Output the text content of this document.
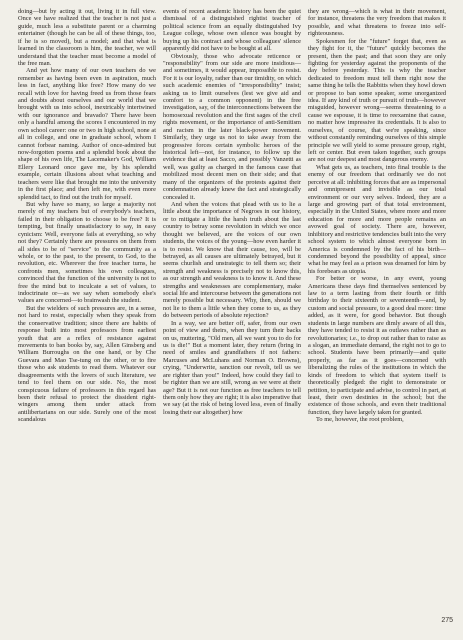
doing—but by acting it out, living it in full view. Once we have realized that the teacher is not just a guide, much less a substitute parent or a charming entertainer (though he can be all of these things, too, if he is so moved), but a model; and that what is learned in the classroom is him, the teacher, we will understand that the teacher must become a model of the free man.

And yet how many of our own teachers do we remember as having been even in aspiration, much less in fact, anything like free? How many do we recall with love for having freed us from those fears and doubts about ourselves and our world that we brought with us into school, inextricably intertwined with our ignorance and bravado? There have been only a handful among the scores I encountered in my own school career: one or two in high school, none at all in college, and one in graduate school, whom I cannot forbear naming. Author of once-admired but now-forgotten poems and a splendid book about the shape of his own life, The Lacemaker's God, William Ellery Leonard once gave me, by his splendid example, certain illusions about what teaching and teachers were like that brought me into the university in the first place; and then left me, with even more splendid tact, to find out the truth for myself.

But why have so many, so large a majority not merely of my teachers but of everybody's teachers, failed in their obligation to choose to be free? It is tempting, but finally unsatisfactory to say, in easy cynicism: Well, everyone fails at everything, so why not they? Certainly there are pressures on them from all sides to be of "service" to the community as a whole, or to the past, to the present, to God, to the revolution, etc. Wherever the free teacher turns, he confronts men, sometimes his own colleagues, convinced that the function of the university is not to free the mind but to inculcate a set of values, to indoctrinate or—as we say when somebody else's values are concerned—to brainwash the student.

But the wielders of such pressures are, in a sense, not hard to resist, especially when they speak from the conservative tradition; since there are habits of response built into most professors from earliest youth that are a reflex of resistance against movements to ban books by, say, Allen Ginsberg and William Burroughs on the one hand, or by Che Guevara and Mao Tse-tung on the other, or to fire those who ask students to read them. Whatever our disagreements with the lovers of such literature, we tend to feel them on our side. No, the most conspicuous failure of professors in this regard has been their refusal to protect the dissident right-wingers among them under attack from antilibertarians on our side. Surely one of the most scandalous

events of recent academic history has been the quiet dismissal of a distinguished rightist teacher of political science from an equally distinguished Ivy League college, whose own silence was bought by buying up his contract and whose colleagues' silence apparently did not have to be bought at all.

Obviously, those who advocate reticence or "responsibility" from our side are more insidious—and sometimes, it would appear, impossible to resist. For it is our loyalty, rather than our timidity, on which such academic enemies of "irresponsibility" insist; asking us to limit ourselves (lest we give aid and comfort to a common opponent) in the free investigation, say, of the interconnections between the homosexual revolution and the first sages of the civil rights movement, or the importance of anti-Semitism and racism in the later black-power movement. Similarly, they urge us not to take away from the progressive forces certain symbolic heroes of the historical left—not, for instance, to follow up the evidence that at least Sacco, and possibly Vanzetti as well, was guilty as charged in the famous case that mobilized most decent men on their side; and that many of the organizers of the protests against their condemnation already knew the fact and strategically concealed it.

And when the voices that plead with us to lie a little about the importance of Negroes in our history, or to mitigate a little the harsh truth about the last country to betray some revolution in which we once thought we believed, are the voices of our own students, the voices of the young—how even harder it is to resist. We know that their cause, too, will be betrayed, as all causes are ultimately betrayed, but it seems churlish and unstrategic to tell them so; their strength and weakness is precisely not to know this, as our strength and weakness is to know it. And these strengths and weaknesses are complementary, make social life and intercourse between the generations not merely possible but necessary. Why, then, should we not lie to them a little when they come to us, as they do between periods of absolute rejection?

In a way, we are better off, safer, from our own point of view and theirs, when they turn their backs on us, muttering, "Old men, all we want you to do for us is die!" But a moment later, they return (bring in need of smiles and grandfathers if not fathers: Marcuses and McLuhans and Norman O. Browns), crying, "Underwrite, sanction our revolt, tell us we are righter than you!" Indeed, how could they fail to be righter than we are still, wrong as we were at their age? But it is not our function as free teachers to tell them only how they are right; it is also imperative that we say (at the risk of being loved less, even of finally losing their ear altogether) how

they are wrong—which is what in their movement, for instance, threatens the very freedom that makes it possible, and what threatens to freeze into self-righteousness.

Spokesmen for the "future" forget that, even as they fight for it, the "future" quickly becomes the present, then the past; and that soon they are only fighting for yesterday against the proponents of the day before yesterday. This is why the teacher dedicated to freedom must tell them right now the same thing he tells the Rabbitts when they howl down or propose to ban some speaker, some unorganized idea. If any kind of truth or pursuit of truth—however misguided, however wrong—seems threatening to a cause we espouse, it is time to reexamine that cause, no matter how impressive its credentials. It is also to ourselves, of course, that we're speaking, since without constantly reminding ourselves of this simple principle we will yield to some pressure group, right, left or center. But even taken together, such groups are not our deepest and most dangerous enemy.

What gets us, as teachers, into final trouble is the enemy of our freedom that ordinarily we do not perceive at all: inhibiting forces that are as impersonal and omnipresent and invisible as our total environment or our very selves. Indeed, they are a large and growing part of that total environment, especially in the United States, where more and more education for more and more people remains an avowed goal of society. There are, however, inhibitory and restrictive tendencies built into the very school system to which almost everyone born in America is condemned by the fact of his birth—condemned beyond the possibility of appeal, since what he may feel as a prison was dreamed for him by his forebears as utopia.

For better or worse, in any event, young Americans these days find themselves sentenced by law to a term lasting from their fourth or fifth birthday to their sixteenth or seventeenth—and, by custom and social pressure, to a good deal more: time added, as it were, for good behavior. But though students in large numbers are dimly aware of all this, they have tended to resist it as outlaws rather than as revolutionaries; i.e., to drop out rather than to raise as a slogan, an immediate demand, the right not to go to school. Students have been primarily—and quite properly, as far as it goes—concerned with liberalizing the rules of the institutions in which the kinds of freedom to which that system itself is theoretically pledged: the right to demonstrate or petition, to participate and advise, to control in part, at least, their own destinies in the school; but the existence of those schools, and even their traditional function, they have largely taken for granted.

To me, however, the root problem,

275
